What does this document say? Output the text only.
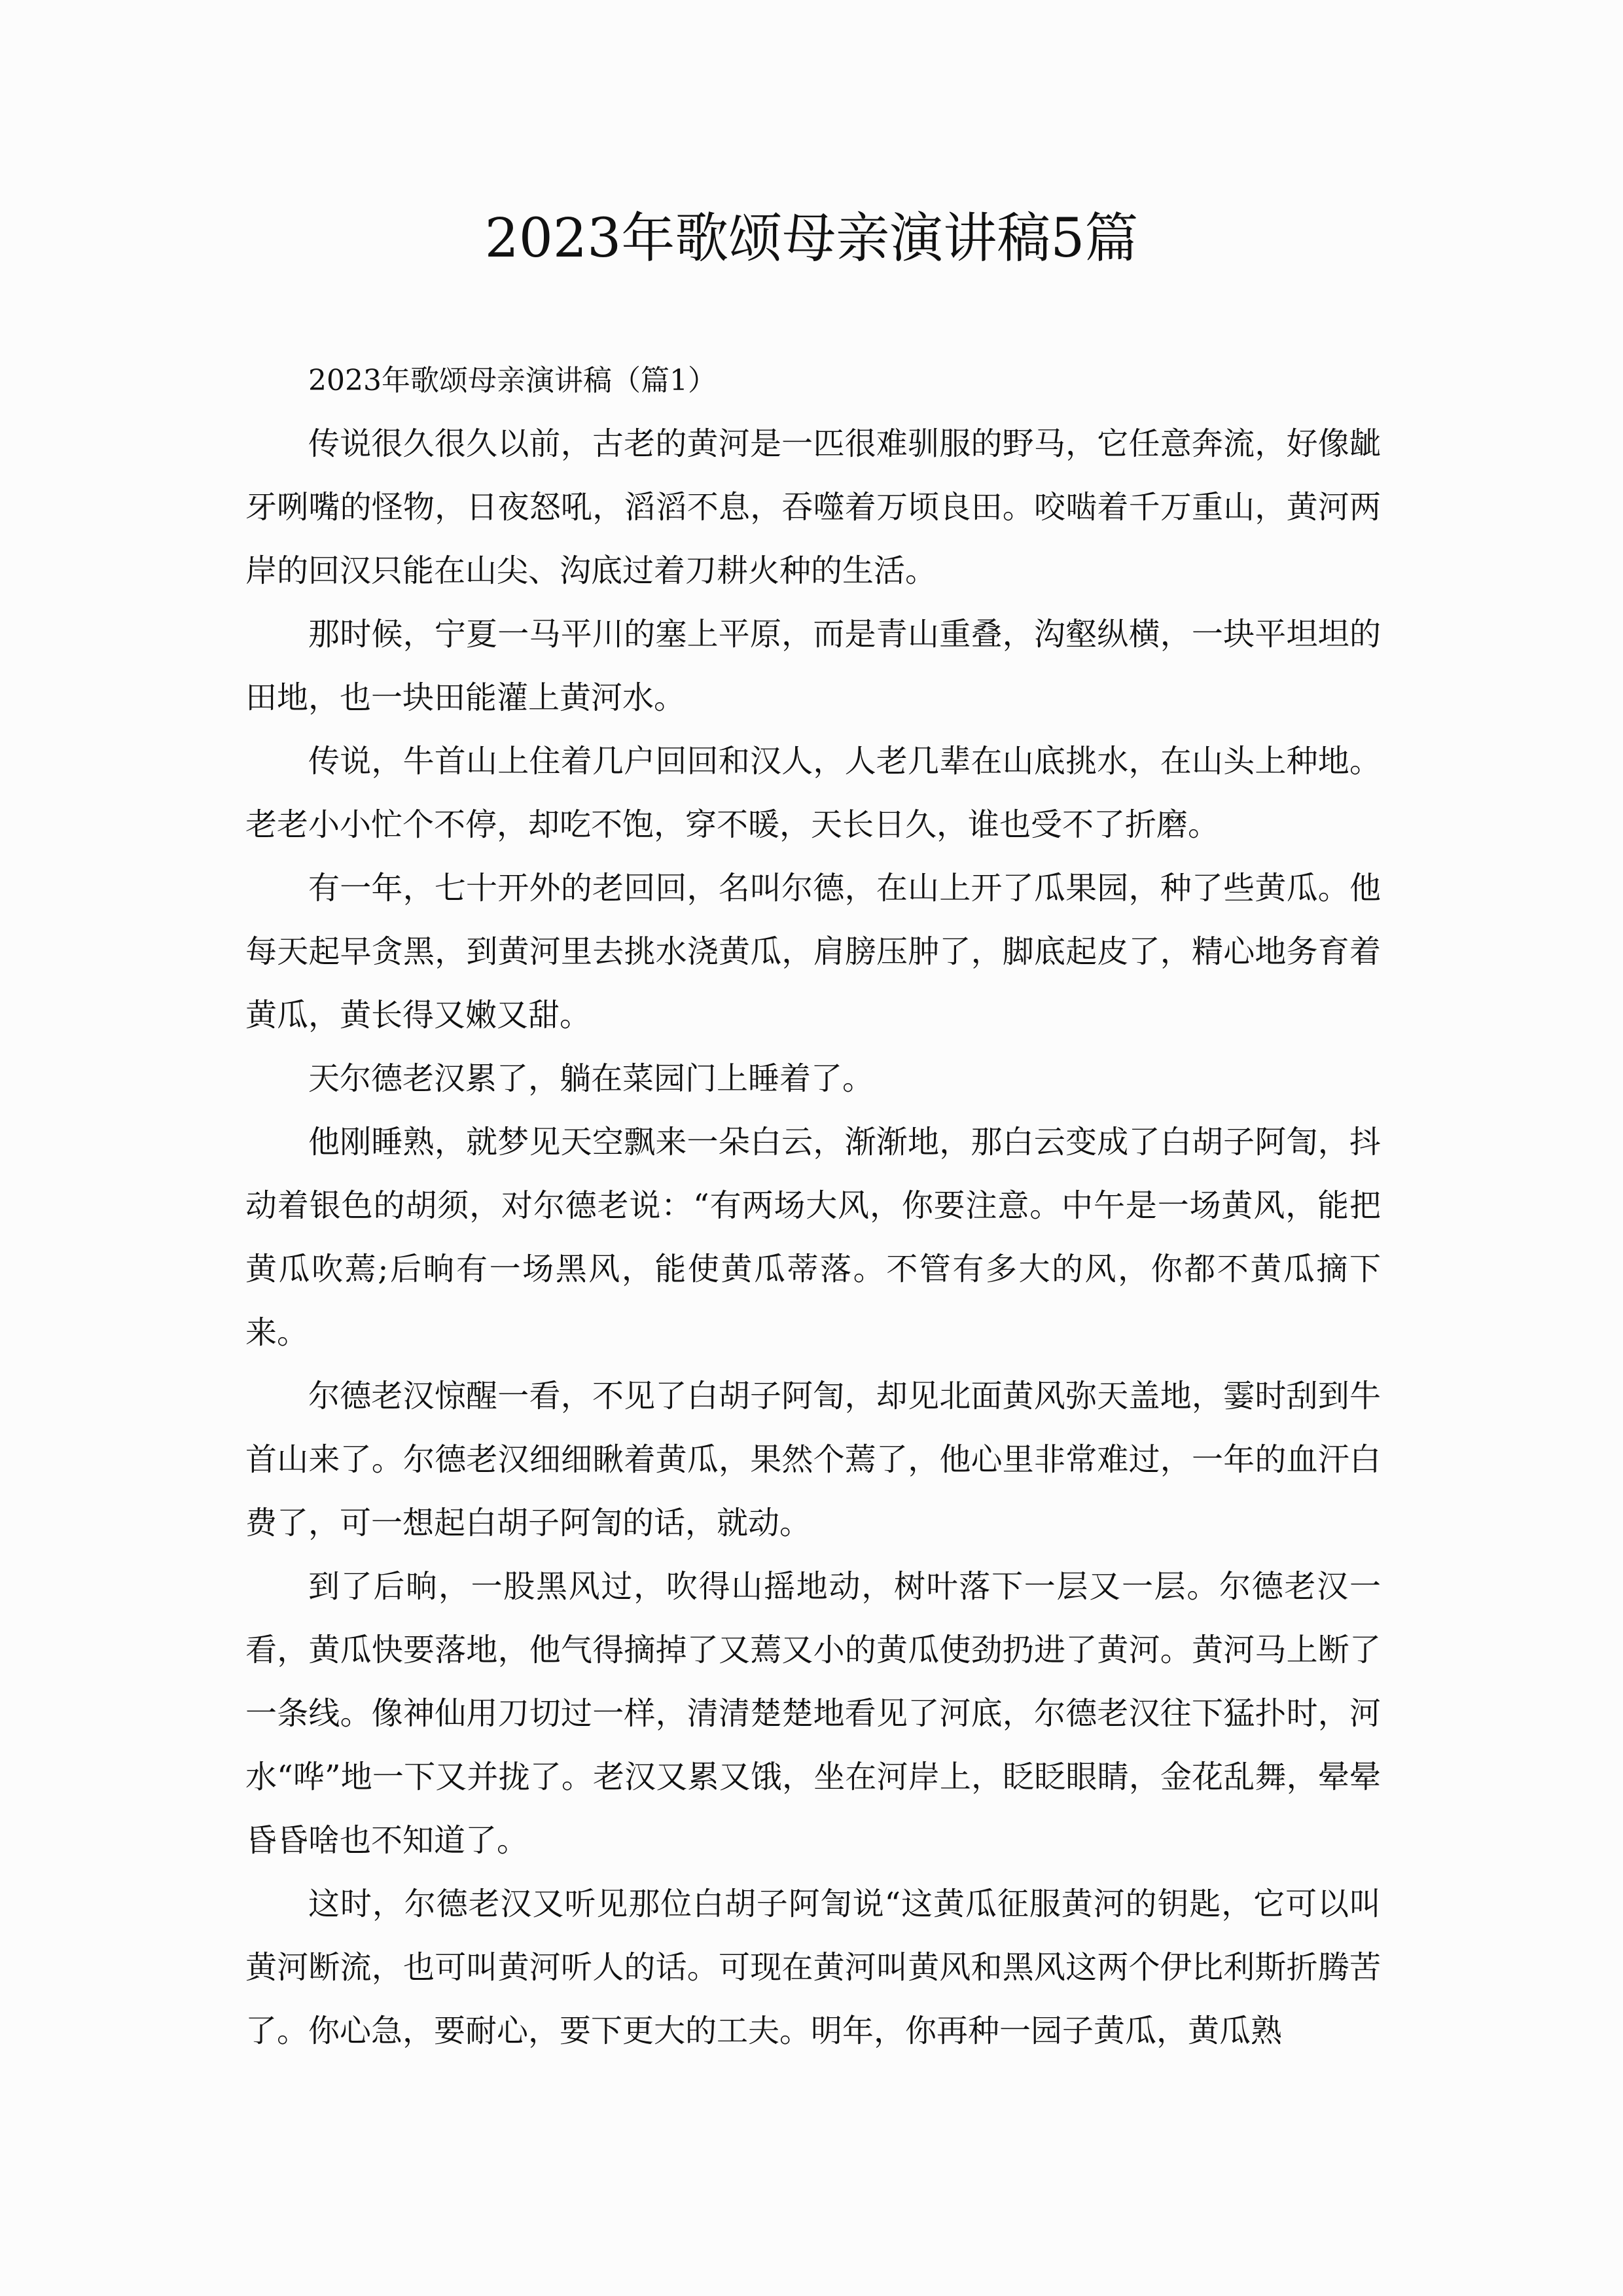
2023年歌颂母亲演讲稿5篇

2023年歌颂母亲演讲稿（篇1）

传说很久很久以前，古老的黄河是一匹很难驯服的野马，它任意奔流，好像龇牙咧嘴的怪物，日夜怒吼，滔滔不息，吞噬着万顷良田。咬啮着千万重山，黄河两岸的回汉只能在山尖、沟底过着刀耕火种的生活。

那时候，宁夏一马平川的塞上平原，而是青山重叠，沟壑纵横，一块平坦坦的田地，也一块田能灌上黄河水。

传说，牛首山上住着几户回回和汉人，人老几辈在山底挑水，在山头上种地。老老小小忙个不停，却吃不饱，穿不暖，天长日久，谁也受不了折磨。

有一年，七十开外的老回回，名叫尔德，在山上开了瓜果园，种了些黄瓜。他每天起早贪黑，到黄河里去挑水浇黄瓜，肩膀压肿了，脚底起皮了，精心地务育着黄瓜，黄长得又嫩又甜。

天尔德老汉累了，躺在菜园门上睡着了。

他刚睡熟，就梦见天空飘来一朵白云，渐渐地，那白云变成了白胡子阿訇，抖动着银色的胡须，对尔德老说：“有两场大风，你要注意。中午是一场黄风，能把黄瓜吹蔫;后晌有一场黑风，能使黄瓜蒂落。不管有多大的风，你都不黄瓜摘下来。

尔德老汉惊醒一看，不见了白胡子阿訇，却见北面黄风弥天盖地，霎时刮到牛首山来了。尔德老汉细细瞅着黄瓜，果然个蔫了，他心里非常难过，一年的血汗白费了，可一想起白胡子阿訇的话，就动。

到了后晌，一股黑风过，吹得山摇地动，树叶落下一层又一层。尔德老汉一看，黄瓜快要落地，他气得摘掉了又蔫又小的黄瓜使劲扔进了黄河。黄河马上断了一条线。像神仙用刀切过一样，清清楚楚地看见了河底，尔德老汉往下猛扑时，河水“哗”地一下又并拢了。老汉又累又饿，坐在河岸上，眨眨眼睛，金花乱舞，晕晕昏昏啥也不知道了。

这时，尔德老汉又听见那位白胡子阿訇说“这黄瓜征服黄河的钥匙，它可以叫黄河断流，也可叫黄河听人的话。可现在黄河叫黄风和黑风这两个伊比利斯折腾苦了。你心急，要耐心，要下更大的工夫。明年，你再种一园子黄瓜，黄瓜熟
